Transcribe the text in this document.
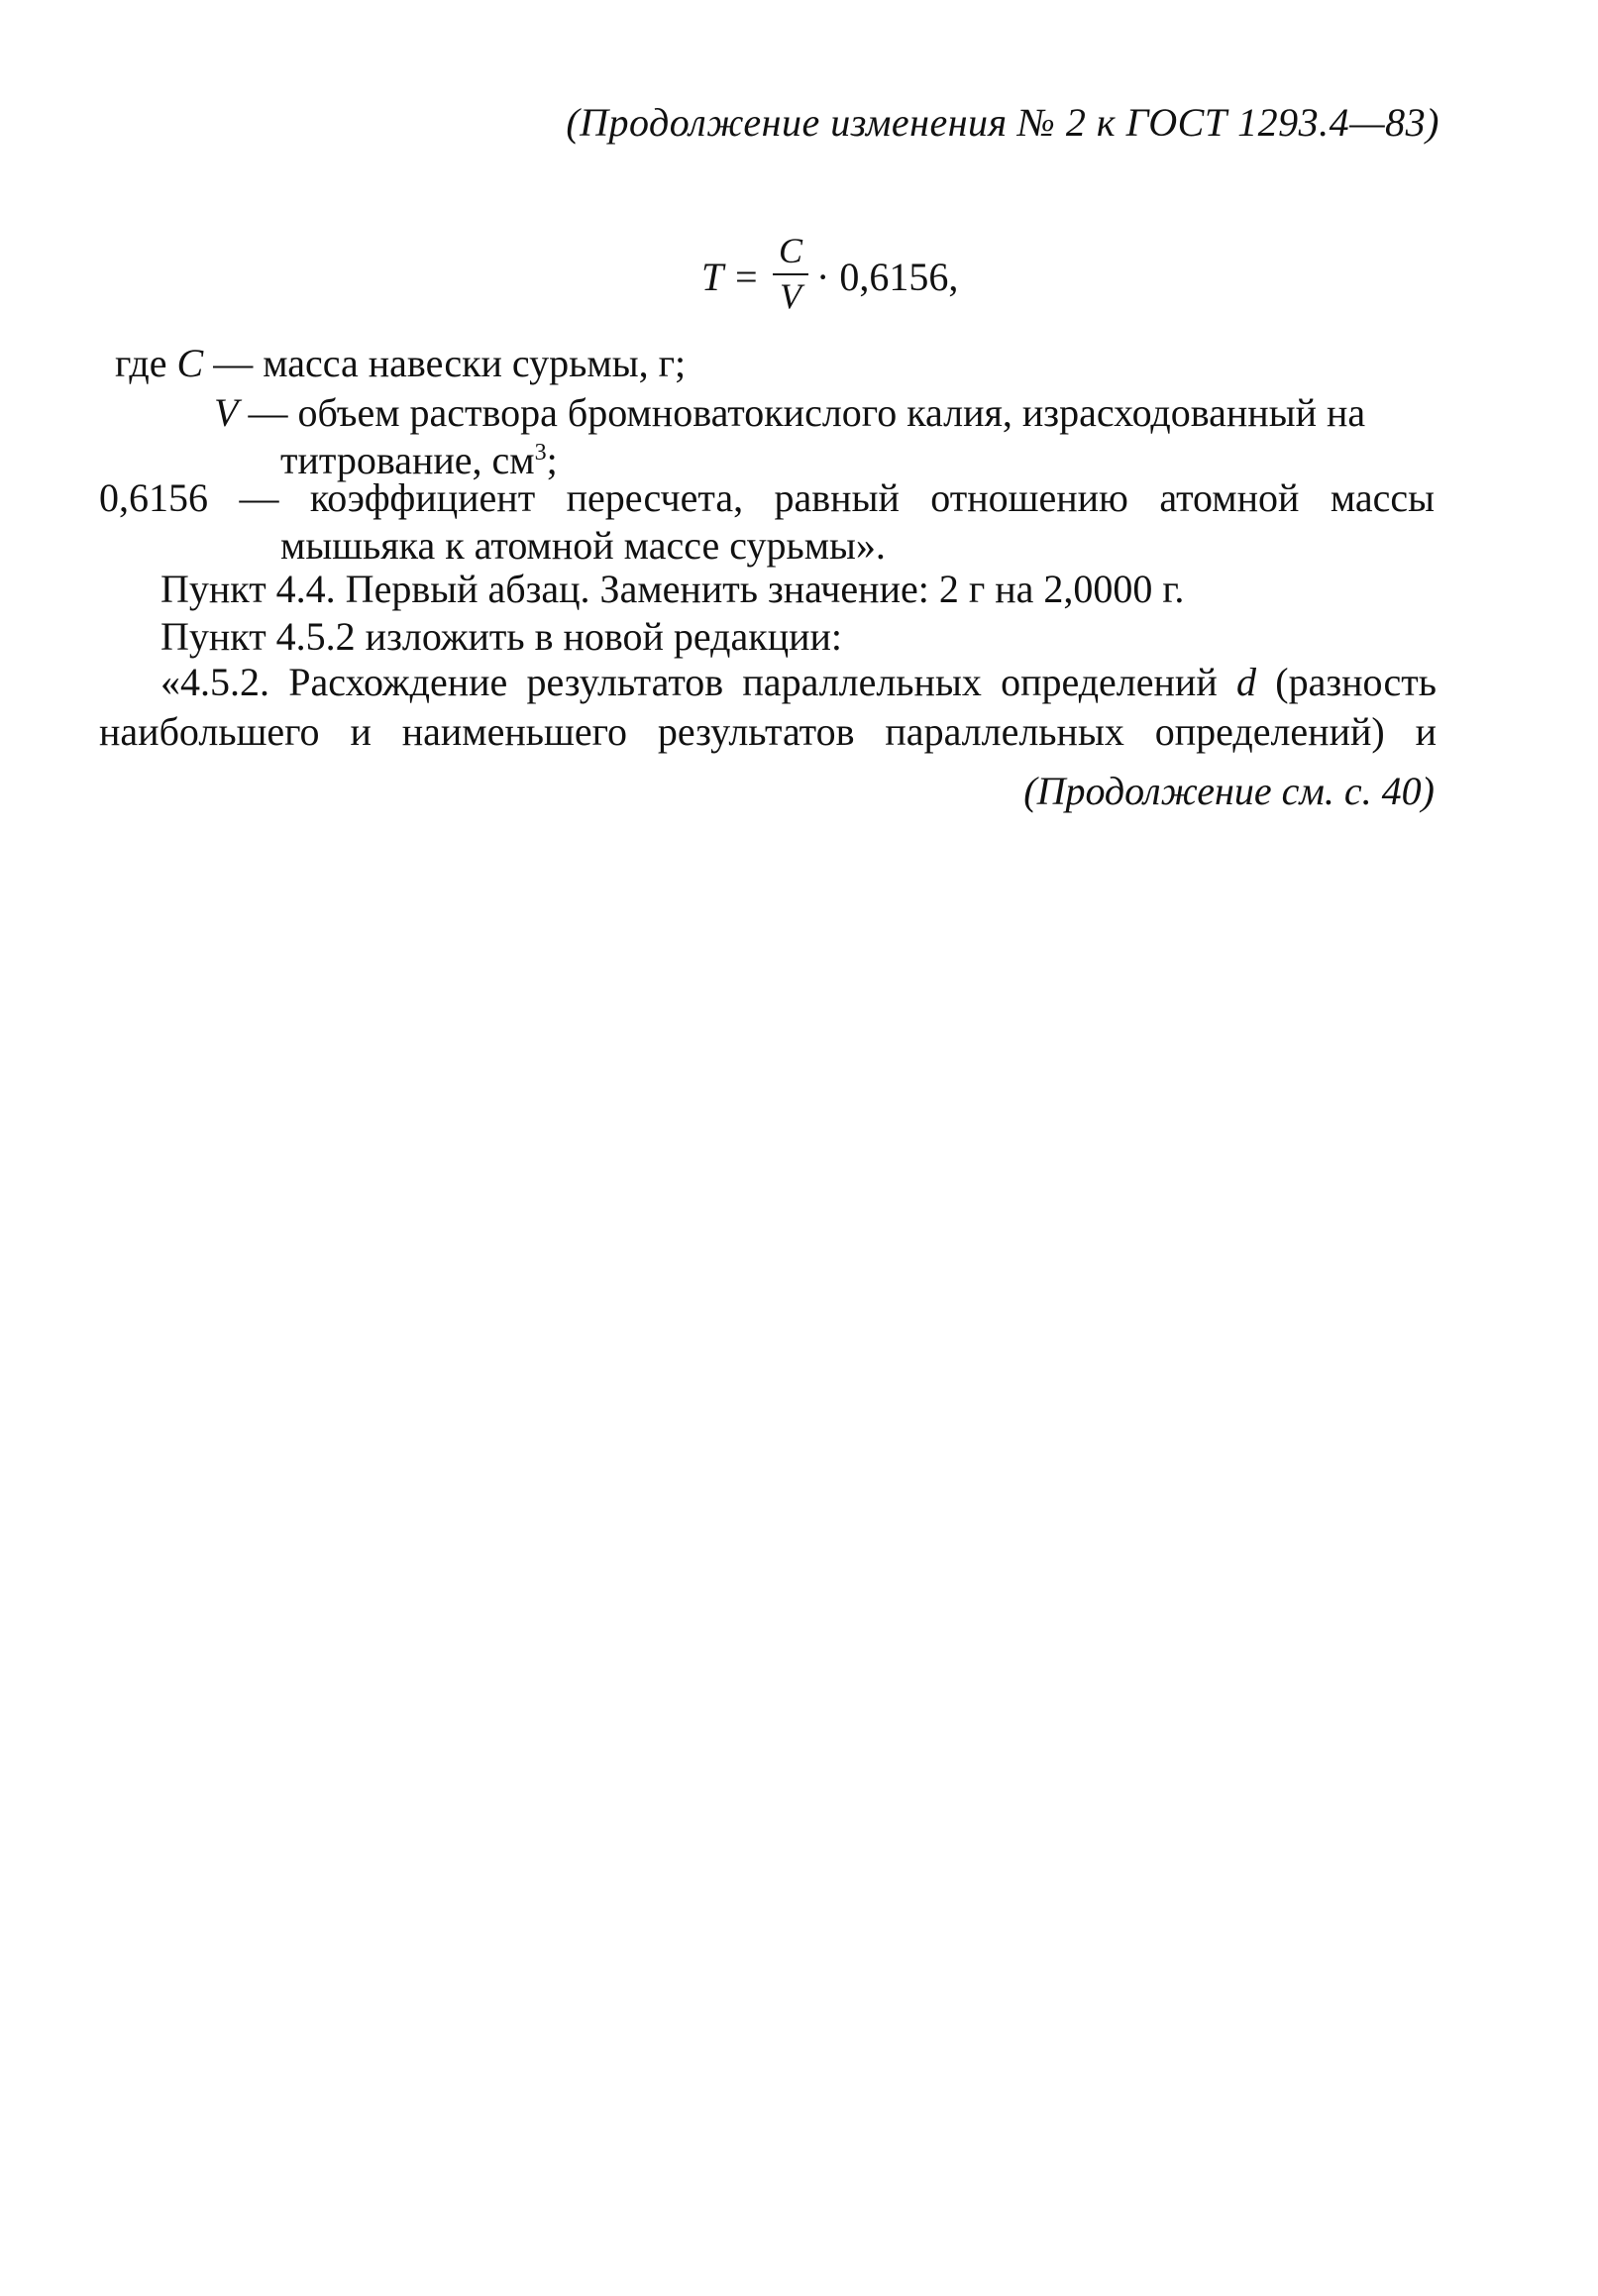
(Продолжение изменения № 2 к ГОСТ 1293.4—83)
T =
C
V · 0,6156,
где C — масса навески сурьмы, г;
V — объем раствора бромноватокислого калия, израсходованный на
титрование, $см^3$;
0,6156 — коэффициент пересчета, равный отношению атомной массы
мышьяка к атомной массе сурьмы».
Пункт 4.4. Первый абзац. Заменить значение: 2 г на 2,0000 г.
Пункт 4.5.2 изложить в новой редакции:
«4.5.2. Расхождение результатов параллельных определений d (разность
наибольшего и наименьшего результатов параллельных определений) и
(Продолжение см. с. 40)
